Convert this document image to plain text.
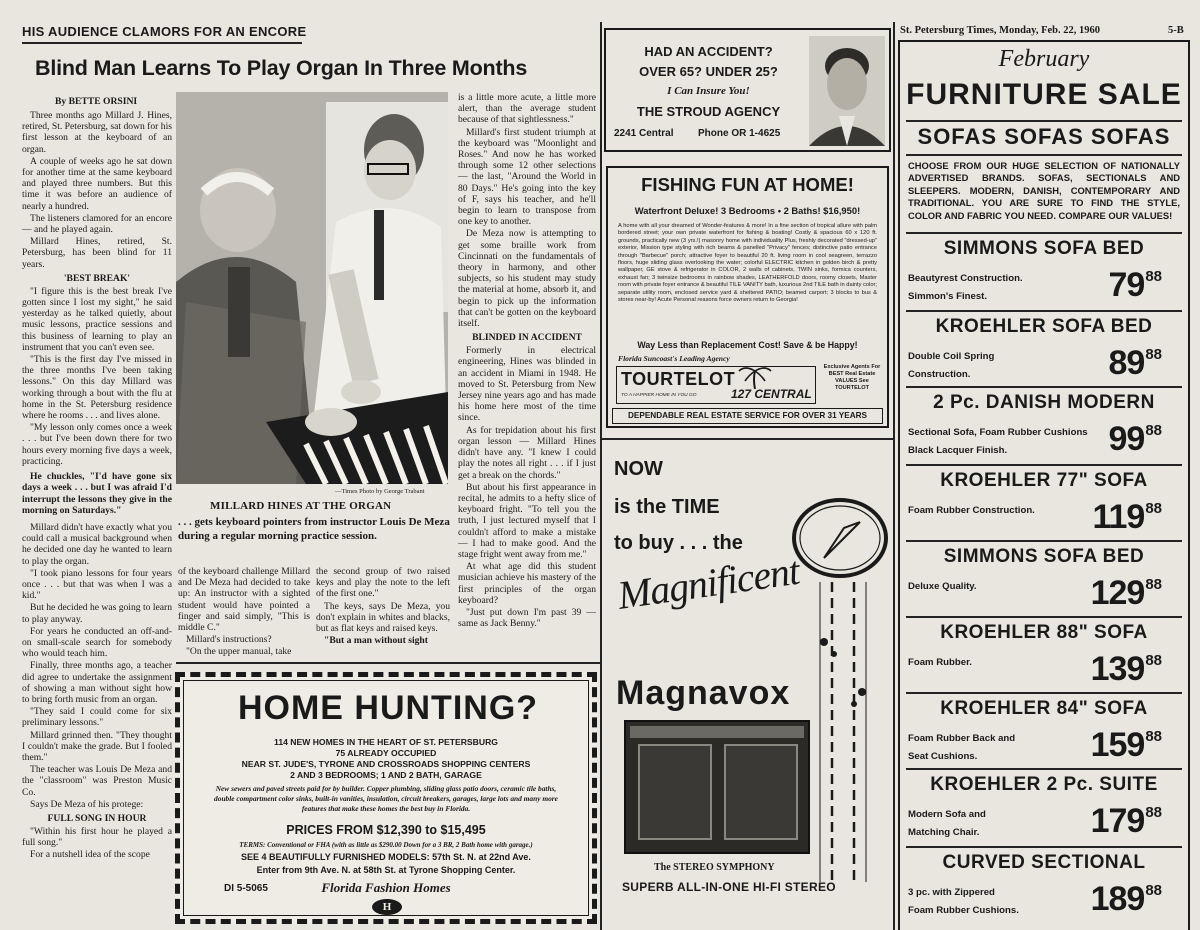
HIS AUDIENCE CLAMORS FOR AN ENCORE	St. Petersburg Times, Monday, Feb. 22, 1960	5-B
Blind Man Learns To Play Organ In Three Months
By BETTE ORSINI

Three months ago Millard J. Hines, retired, St. Petersburg, sat down for his first lesson at the keyboard of an organ.

A couple of weeks ago he sat down for another time at the same keyboard and played three numbers. But this time it was before an audience of nearly a hundred.

The listeners clamored for an encore — and he played again.

Millard Hines, retired, St. Petersburg, has been blind for 11 years.

'BEST BREAK'

"I figure this is the best break I've gotten since I lost my sight," he said yesterday as he talked quietly, about music lessons, practice sessions and this business of learning to play an instrument that you can't even see.

"This is the first day I've missed in the three months I've been taking lessons." On this day Millard was working through a bout with the flu at home in the St. Petersburg residence where he rooms . . . and lives alone.

"My lesson only comes once a week . . . but I've been down there for two hours every morning five days a week, practicing.

He chuckles, "I'd have gone six days a week . . . but I was afraid I'd interrupt the lessons they give in the morning on Saturdays."

Millard didn't have exactly what you could call a musical background when he decided one day he wanted to learn to play the organ.

"I took piano lessons for four years once . . . but that was when I was a kid."

But he decided he was going to learn to play anyway.

For years he conducted an off-and-on small-scale search for somebody who would teach him.

Finally, three months ago, a teacher did agree to undertake the assignment of showing a man without sight how to bring forth music from an organ.

"They said I could come for six preliminary lessons."

Millard grinned then. "They thought I couldn't make the grade. But I fooled them."

The teacher was Louis De Meza and the "classroom" was Preston Music Co.

Says De Meza of his protege:

FULL SONG IN HOUR

"Within his first hour he played a full song."

For a nutshell idea of the scope

—Times Photo by George Trabant
MILLARD HINES AT THE ORGAN
. . . gets keyboard pointers from instructor Louis De Meza during a regular morning practice session.

of the keyboard challenge Millard and De Meza had decided to take up: An instructor with a sighted student would have pointed a finger and said simply, "This is middle C."

Millard's instructions?

"On the upper manual, take

the second group of two raised keys and play the note to the left of the first one."

The keys, says De Meza, you don't explain in whites and blacks, but as flat keys and raised keys.

"But a man without sight

is a little more acute, a little more alert, than the average student because of that sightlessness."

Millard's first student triumph at the keyboard was "Moonlight and Roses." And now he has worked through some 12 other selections — the last, "Around the World in 80 Days." He's going into the key of F, says his teacher, and he'll begin to learn to transpose from one key to another.

De Meza now is attempting to get some braille work from Cincinnati on the fundamentals of theory in harmony, and other subjects, so his student may study the material at home, absorb it, and begin to pick up the information that can't be gotten on the keyboard itself.

BLINDED IN ACCIDENT

Formerly in electrical engineering, Hines was blinded in an accident in Miami in 1948. He moved to St. Petersburg from New Jersey nine years ago and has made his home here most of the time since.

As for trepidation about his first organ lesson — Millard Hines didn't have any. "I knew I could play the notes all right . . . if I just get a break on the chords."

But about his first appearance in recital, he admits to a hefty slice of keyboard fright. "To tell you the truth, I just lectured myself that I couldn't afford to make a mistake — I had to make good. And the stage fright went away from me."

At what age did this student musician achieve his mastery of the first principles of the organ keyboard?

"Just put down I'm past 39 — same as Jack Benny."

HOME HUNTING?
114 NEW HOMES IN THE HEART OF ST. PETERSBURG
75 ALREADY OCCUPIED
NEAR ST. JUDE'S, TYRONE AND CROSSROADS SHOPPING CENTERS
2 AND 3 BEDROOMS; 1 AND 2 BATH, GARAGE
New sewers and paved streets paid for by builder. Copper plumbing, sliding glass patio doors, ceramic tile baths, double compartment color sinks, built-in vanities, insulation, circuit breakers, garages, large lots and many more features that make these homes the best buy in Florida.
PRICES FROM $12,390 to $15,495
TERMS: Conventional or FHA (with as little as $290.00 Down for a 3 BR, 2 Bath home with garage.)
SEE 4 BEAUTIFULLY FURNISHED MODELS: 57th St. N. at 22nd Ave.
Enter from 9th Ave. N. at 58th St. at Tyrone Shopping Center.
DI 5-5065	Florida Fashion Homes
H
HAD AN ACCIDENT?
OVER 65? UNDER 25?
I Can Insure You!
THE STROUD AGENCY
2241 Central Phone OR 1-4625
FISHING FUN AT HOME!
Waterfront Deluxe! 3 Bedrooms • 2 Baths! $16,950!
A home with all your dreamed of Wonder-features & more! In a fine section of tropical allure with palm bordered street; your own private waterfront for fishing & boating! Costly & spacious 60 x 120 ft. grounds, practically new (3 yrs.!) masonry home with individuality Plus, freshly decorated "dressed-up" exterior, Mission type styling with rich beams & panelled "Privacy" fences; distinctive patio entrance through "Barbecue" porch; attractive foyer to beautiful 20 ft. living room in cool seagreen, terrazzo floors, huge sliding glass overlooking the water; colorful ELECTRIC kitchen in golden birch & pretty wallpaper, GE stove & refrigerator in COLOR, 2 walls of cabinets, TWIN sinks, formica counters, exhaust fan; 3 twinsize bedrooms in rainbow shades, LEATHERFOLD doors, roomy closets, Master room with private foyer entrance & beautiful TILE VANITY bath, luxurious 2nd TILE bath in dainty color; separate utility room, enclosed service yard & sheltered PATIO; beamed carport; 3 blocks to bus & stores near-by! Acute Personal reasons force owners return to Georgia!
Way Less than Replacement Cost! Save & be Happy!
Florida Suncoast's Leading Agency
TOURTELOT
127 CENTRAL
TO A HAPPIER HOME IN YOU GO
Exclusive Agents For BEST Real Estate VALUES See TOURTELOT
DEPENDABLE REAL ESTATE SERVICE FOR OVER 31 YEARS
NOW
is the TIME
to buy . . . the
Magnificent
Magnavox
The STEREO SYMPHONY
SUPERB ALL-IN-ONE HI-FI STEREO
February
FURNITURE SALE
SOFAS SOFAS SOFAS
CHOOSE FROM OUR HUGE SELECTION OF NATIONALLY ADVERTISED BRANDS. SOFAS, SECTIONALS AND SLEEPERS. MODERN, DANISH, CONTEMPORARY AND TRADITIONAL. YOU ARE SURE TO FIND THE STYLE, COLOR AND FABRIC YOU NEED. COMPARE OUR VALUES!
SIMMONS SOFA BED
Beautyrest Construction.
Simmon's Finest.	$79^{88}$
KROEHLER SOFA BED
Double Coil Spring
Construction.	$89^{88}$
2 Pc. DANISH MODERN
Sectional Sofa, Foam Rubber Cushions
Black Lacquer Finish.	$99^{88}$
KROEHLER 77" SOFA
Foam Rubber Construction. $119^{88}$
SIMMONS SOFA BED
Deluxe Quality.	$129^{88}$
KROEHLER 88" SOFA
Foam Rubber.	$139^{88}$
KROEHLER 84" SOFA
Foam Rubber Back and
Seat Cushions.	$159^{88}$
KROEHLER 2 Pc. SUITE
Modern Sofa and
Matching Chair.	$179^{88}$
CURVED SECTIONAL
3 pc. with Zippered
Foam Rubber Cushions. $189^{88}$
